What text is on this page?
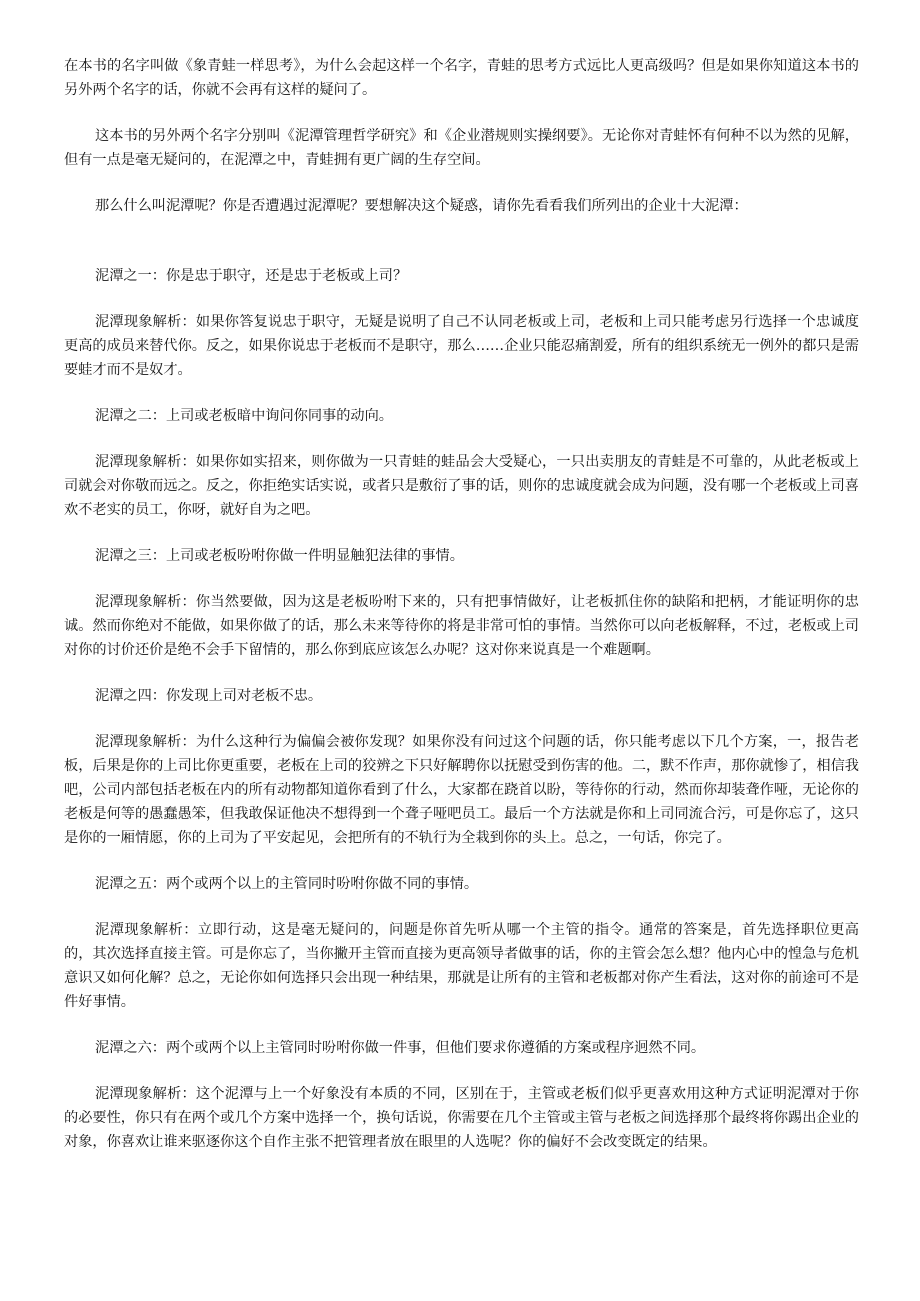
在本书的名字叫做《象青蛙一样思考》，为什么会起这样一个名字，青蛙的思考方式远比人更高级吗？但是如果你知道这本书的另外两个名字的话，你就不会再有这样的疑问了。

这本书的另外两个名字分别叫《泥潭管理哲学研究》和《企业潜规则实操纲要》。无论你对青蛙怀有何种不以为然的见解，但有一点是毫无疑问的，在泥潭之中，青蛙拥有更广阔的生存空间。

那么什么叫泥潭呢？你是否遭遇过泥潭呢？要想解决这个疑惑，请你先看看我们所列出的企业十大泥潭：

泥潭之一：你是忠于职守，还是忠于老板或上司？

泥潭现象解析：如果你答复说忠于职守，无疑是说明了自己不认同老板或上司，老板和上司只能考虑另行选择一个忠诚度更高的成员来替代你。反之，如果你说忠于老板而不是职守，那么……企业只能忍痛割爱，所有的组织系统无一例外的都只是需要蛙才而不是奴才。

泥潭之二：上司或老板暗中询问你同事的动向。

泥潭现象解析：如果你如实招来，则你做为一只青蛙的蛙品会大受疑心，一只出卖朋友的青蛙是不可靠的，从此老板或上司就会对你敬而远之。反之，你拒绝实话实说，或者只是敷衍了事的话，则你的忠诚度就会成为问题，没有哪一个老板或上司喜欢不老实的员工，你呀，就好自为之吧。

泥潭之三：上司或老板吩咐你做一件明显触犯法律的事情。

泥潭现象解析：你当然要做，因为这是老板吩咐下来的，只有把事情做好，让老板抓住你的缺陷和把柄，才能证明你的忠诚。然而你绝对不能做，如果你做了的话，那么未来等待你的将是非常可怕的事情。当然你可以向老板解释，不过，老板或上司对你的讨价还价是绝不会手下留情的，那么你到底应该怎么办呢？这对你来说真是一个难题啊。

泥潭之四：你发现上司对老板不忠。

泥潭现象解析：为什么这种行为偏偏会被你发现？如果你没有问过这个问题的话，你只能考虑以下几个方案，一，报告老板，后果是你的上司比你更重要，老板在上司的狡辨之下只好解聘你以抚慰受到伤害的他。二，默不作声，那你就惨了，相信我吧，公司内部包括老板在内的所有动物都知道你看到了什么，大家都在跷首以盼，等待你的行动，然而你却装聋作哑，无论你的老板是何等的愚蠢愚笨，但我敢保证他决不想得到一个聋子哑吧员工。最后一个方法就是你和上司同流合污，可是你忘了，这只是你的一厢情愿，你的上司为了平安起见，会把所有的不轨行为全栽到你的头上。总之，一句话，你完了。

泥潭之五：两个或两个以上的主管同时吩咐你做不同的事情。

泥潭现象解析：立即行动，这是毫无疑问的，问题是你首先听从哪一个主管的指令。通常的答案是，首先选择职位更高的，其次选择直接主管。可是你忘了，当你撇开主管而直接为更高领导者做事的话，你的主管会怎么想？他内心中的惶急与危机意识又如何化解？总之，无论你如何选择只会出现一种结果，那就是让所有的主管和老板都对你产生看法，这对你的前途可不是件好事情。

泥潭之六：两个或两个以上主管同时吩咐你做一件事，但他们要求你遵循的方案或程序迥然不同。

泥潭现象解析：这个泥潭与上一个好象没有本质的不同，区别在于，主管或老板们似乎更喜欢用这种方式证明泥潭对于你的必要性，你只有在两个或几个方案中选择一个，换句话说，你需要在几个主管或主管与老板之间选择那个最终将你踢出企业的对象，你喜欢让谁来驱逐你这个自作主张不把管理者放在眼里的人选呢？你的偏好不会改变既定的结果。
